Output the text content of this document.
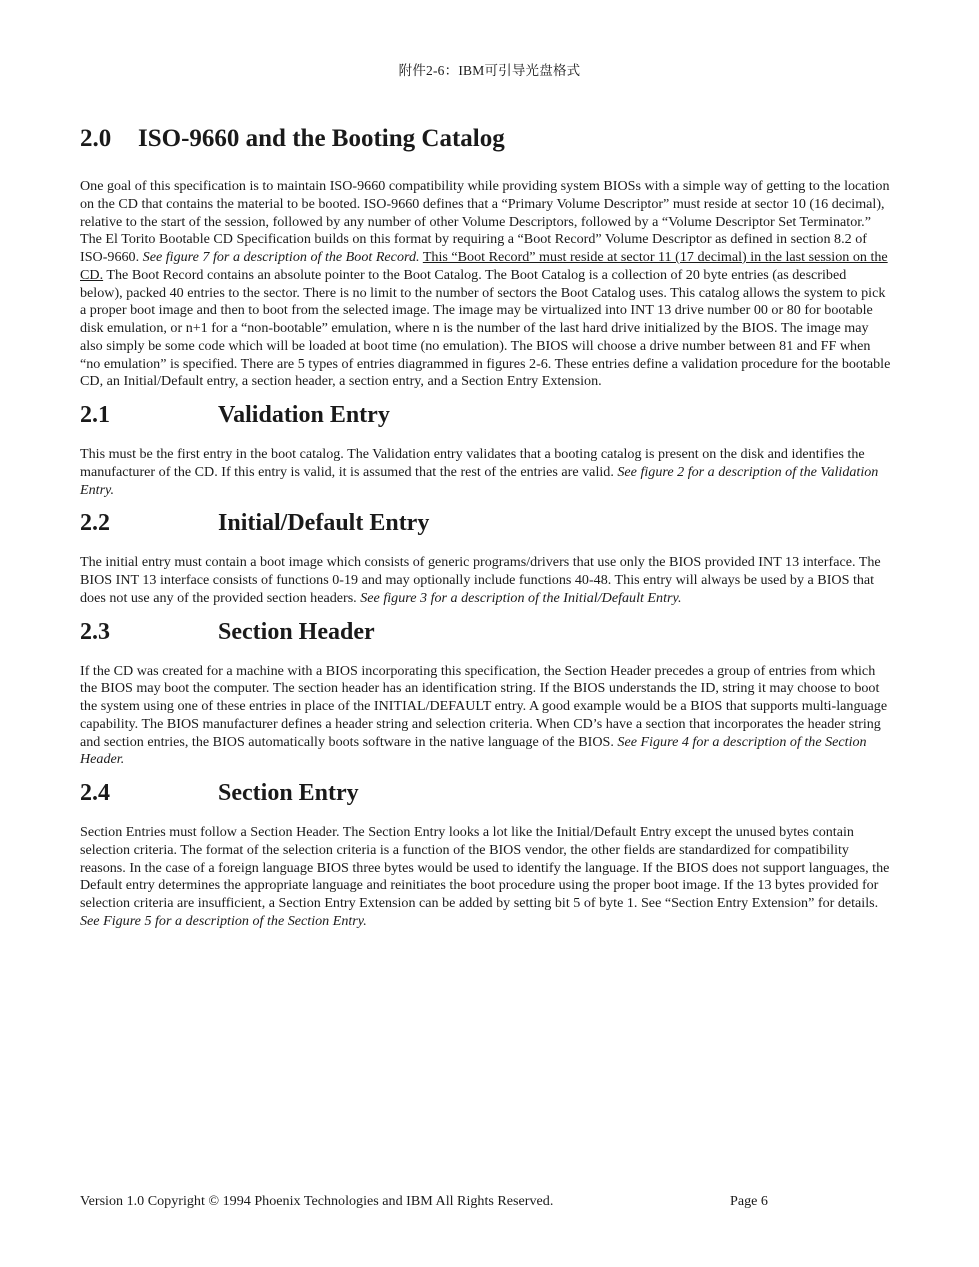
附件2-6：IBM可引导光盘格式
2.0 ISO-9660 and the Booting Catalog

One goal of this specification is to maintain ISO-9660 compatibility while providing system BIOSs with a simple way of getting to the location on the CD that contains the material to be booted. ISO-9660 defines that a “Primary Volume Descriptor” must reside at sector 10 (16 decimal), relative to the start of the session, followed by any number of other Volume Descriptors, followed by a “Volume Descriptor Set Terminator.” The El Torito Bootable CD Specification builds on this format by requiring a “Boot Record” Volume Descriptor as defined in section 8.2 of ISO-9660. See figure 7 for a description of the Boot Record. This “Boot Record” must reside at sector 11 (17 decimal) in the last session on the CD. The Boot Record contains an absolute pointer to the Boot Catalog. The Boot Catalog is a collection of 20 byte entries (as described below), packed 40 entries to the sector. There is no limit to the number of sectors the Boot Catalog uses. This catalog allows the system to pick a proper boot image and then to boot from the selected image. The image may be virtualized into INT 13 drive number 00 or 80 for bootable disk emulation, or n+1 for a “non-bootable” emulation, where n is the number of the last hard drive initialized by the BIOS. The image may also simply be some code which will be loaded at boot time (no emulation). The BIOS will choose a drive number between 81 and FF when “no emulation” is specified. There are 5 types of entries diagrammed in figures 2-6. These entries define a validation procedure for the bootable CD, an Initial/Default entry, a section header, a section entry, and a Section Entry Extension.

2.1	Validation Entry

This must be the first entry in the boot catalog. The Validation entry validates that a booting catalog is present on the disk and identifies the manufacturer of the CD. If this entry is valid, it is assumed that the rest of the entries are valid. See figure 2 for a description of the Validation Entry.

2.2	Initial/Default Entry

The initial entry must contain a boot image which consists of generic programs/drivers that use only the BIOS provided INT 13 interface. The BIOS INT 13 interface consists of functions 0-19 and may optionally include functions 40-48. This entry will always be used by a BIOS that does not use any of the provided section headers. See figure 3 for a description of the Initial/Default Entry.

2.3	Section Header

If the CD was created for a machine with a BIOS incorporating this specification, the Section Header precedes a group of entries from which the BIOS may boot the computer. The section header has an identification string. If the BIOS understands the ID, string it may choose to boot the system using one of these entries in place of the INITIAL/DEFAULT entry. A good example would be a BIOS that supports multi-language capability. The BIOS manufacturer defines a header string and selection criteria. When CD’s have a section that incorporates the header string and section entries, the BIOS automatically boots software in the native language of the BIOS. See Figure 4 for a description of the Section Header.

2.4	Section Entry

Section Entries must follow a Section Header. The Section Entry looks a lot like the Initial/Default Entry except the unused bytes contain selection criteria. The format of the selection criteria is a function of the BIOS vendor, the other fields are standardized for compatibility reasons. In the case of a foreign language BIOS three bytes would be used to identify the language. If the BIOS does not support languages, the Default entry determines the appropriate language and reinitiates the boot procedure using the proper boot image. If the 13 bytes provided for selection criteria are insufficient, a Section Entry Extension can be added by setting bit 5 of byte 1. See “Section Entry Extension” for details. See Figure 5 for a description of the Section Entry.

Version 1.0 Copyright © 1994 Phoenix Technologies and IBM All Rights Reserved.	Page 6
